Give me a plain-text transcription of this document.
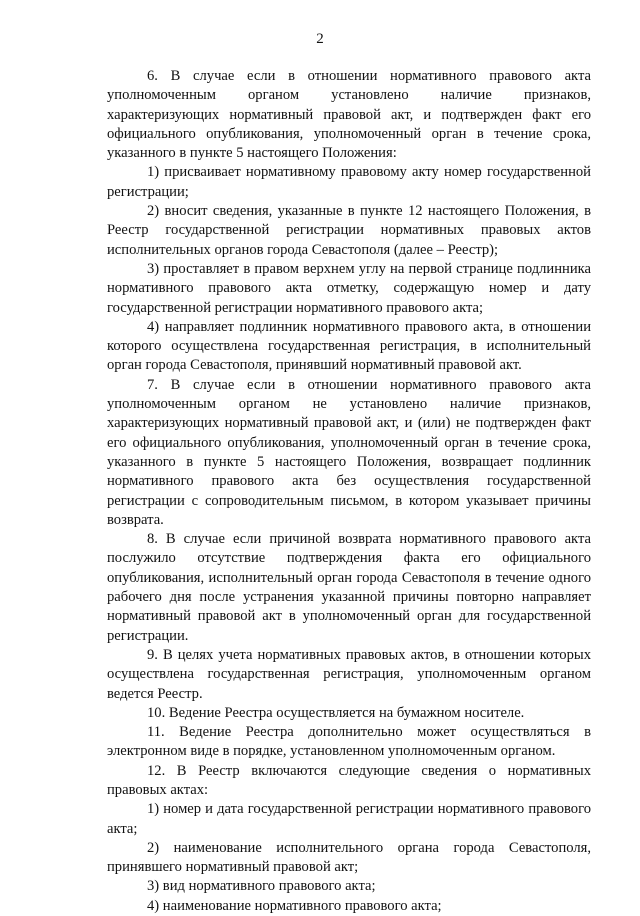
2

6. В случае если в отношении нормативного правового акта уполномоченным органом установлено наличие признаков, характеризующих нормативный правовой акт, и подтвержден факт его официального опубликования, уполномоченный орган в течение срока, указанного в пункте 5 настоящего Положения:

1) присваивает нормативному правовому акту номер государственной регистрации;

2) вносит сведения, указанные в пункте 12 настоящего Положения, в Реестр государственной регистрации нормативных правовых актов исполнительных органов города Севастополя (далее – Реестр);

3) проставляет в правом верхнем углу на первой странице подлинника нормативного правового акта отметку, содержащую номер и дату государственной регистрации нормативного правового акта;

4) направляет подлинник нормативного правового акта, в отношении которого осуществлена государственная регистрация, в исполнительный орган города Севастополя, принявший нормативный правовой акт.

7. В случае если в отношении нормативного правового акта уполномоченным органом не установлено наличие признаков, характеризующих нормативный правовой акт, и (или) не подтвержден факт его официального опубликования, уполномоченный орган в течение срока, указанного в пункте 5 настоящего Положения, возвращает подлинник нормативного правового акта без осуществления государственной регистрации с сопроводительным письмом, в котором указывает причины возврата.

8. В случае если причиной возврата нормативного правового акта послужило отсутствие подтверждения факта его официального опубликования, исполнительный орган города Севастополя в течение одного рабочего дня после устранения указанной причины повторно направляет нормативный правовой акт в уполномоченный орган для государственной регистрации.

9. В целях учета нормативных правовых актов, в отношении которых осуществлена государственная регистрация, уполномоченным органом ведется Реестр.

10. Ведение Реестра осуществляется на бумажном носителе.

11. Ведение Реестра дополнительно может осуществляться в электронном виде в порядке, установленном уполномоченным органом.

12. В Реестр включаются следующие сведения о нормативных правовых актах:

1) номер и дата государственной регистрации нормативного правового акта;

2) наименование исполнительного органа города Севастополя, принявшего нормативный правовой акт;

3) вид нормативного правового акта;

4) наименование нормативного правового акта;
